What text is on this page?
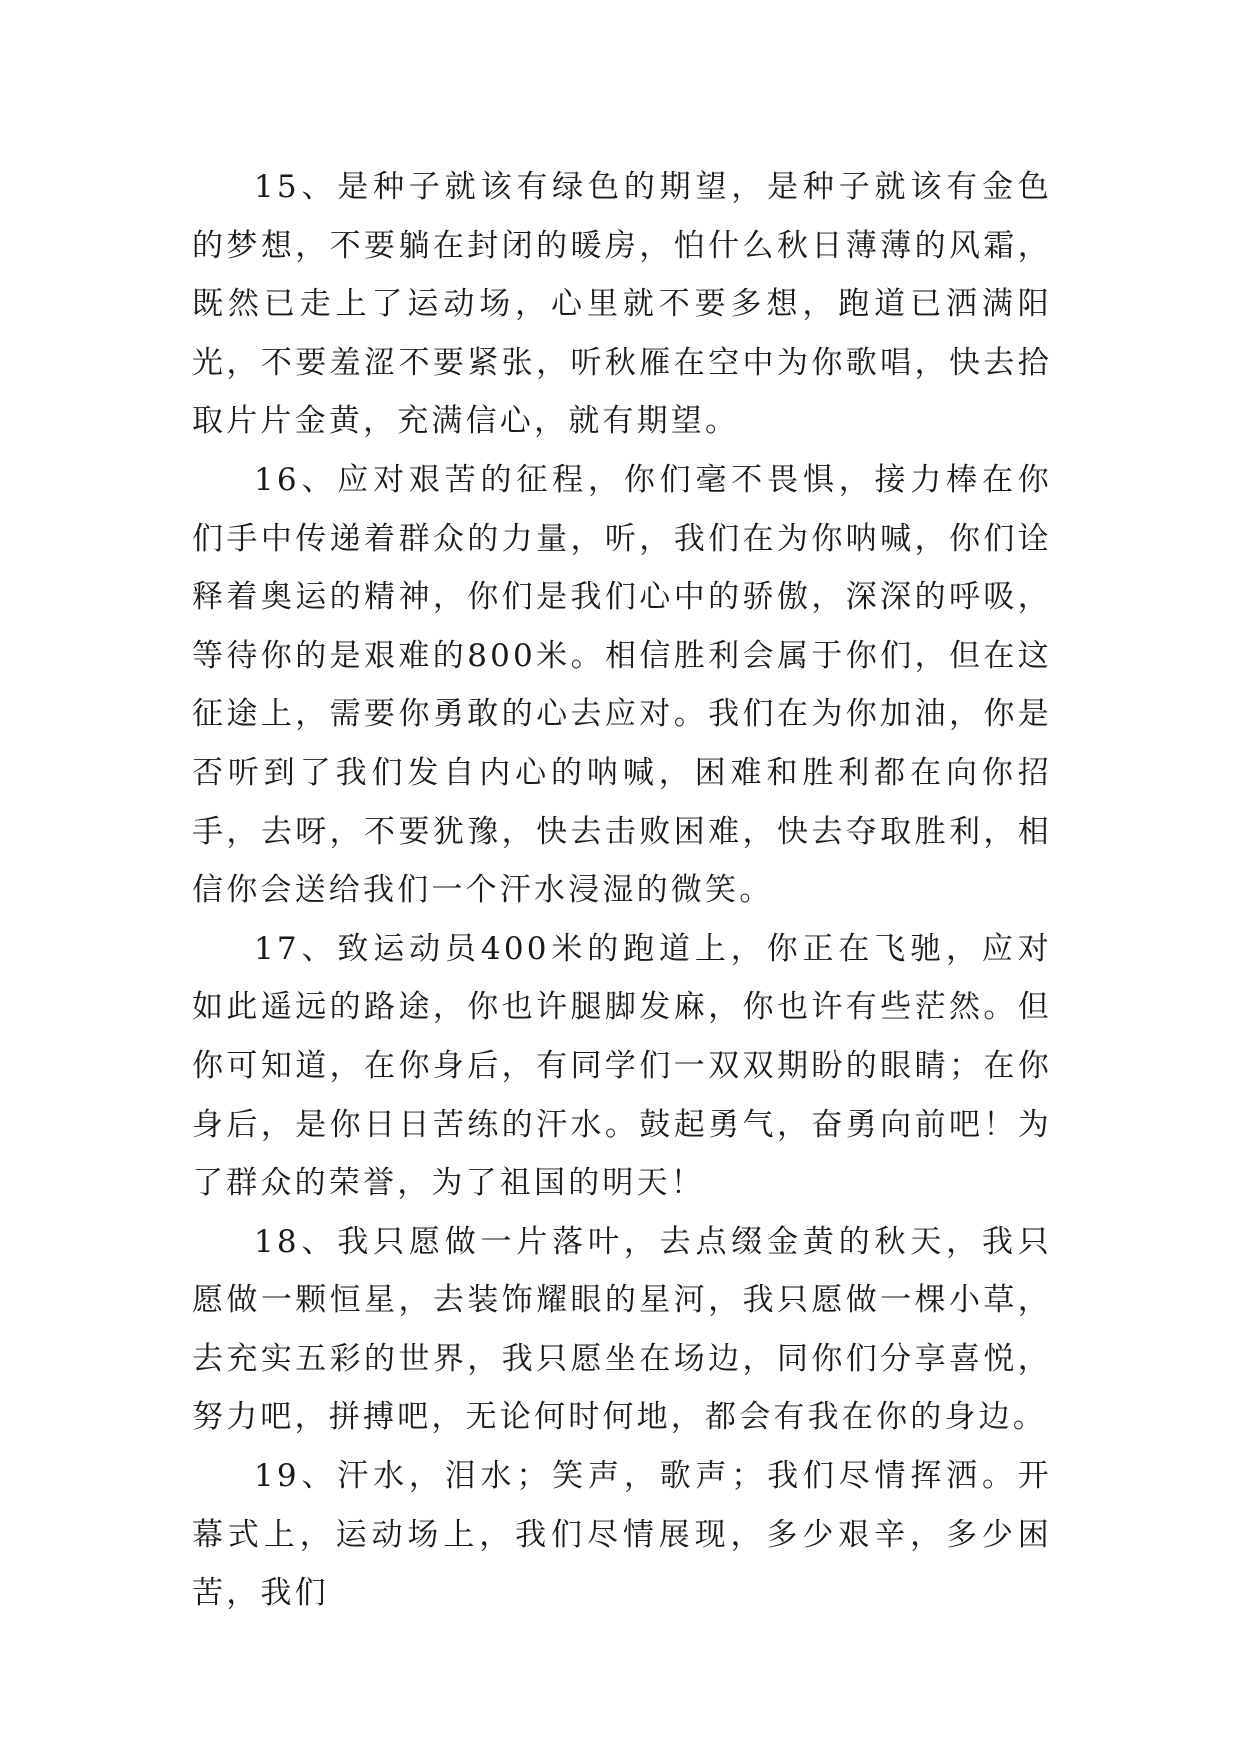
15、是种子就该有绿色的期望，是种子就该有金色的梦想，不要躺在封闭的暖房，怕什么秋日薄薄的风霜，既然已走上了运动场，心里就不要多想，跑道已洒满阳光，不要羞涩不要紧张，听秋雁在空中为你歌唱，快去拾取片片金黄，充满信心，就有期望。

16、应对艰苦的征程，你们毫不畏惧，接力棒在你们手中传递着群众的力量，听，我们在为你呐喊，你们诠释着奥运的精神，你们是我们心中的骄傲，深深的呼吸，等待你的是艰难的800米。相信胜利会属于你们，但在这征途上，需要你勇敢的心去应对。我们在为你加油，你是否听到了我们发自内心的呐喊，困难和胜利都在向你招手，去呀，不要犹豫，快去击败困难，快去夺取胜利，相信你会送给我们一个汗水浸湿的微笑。

17、致运动员400米的跑道上，你正在飞驰，应对如此遥远的路途，你也许腿脚发麻，你也许有些茫然。但你可知道，在你身后，有同学们一双双期盼的眼睛；在你身后，是你日日苦练的汗水。鼓起勇气，奋勇向前吧！为了群众的荣誉，为了祖国的明天！

18、我只愿做一片落叶，去点缀金黄的秋天，我只愿做一颗恒星，去装饰耀眼的星河，我只愿做一棵小草，去充实五彩的世界，我只愿坐在场边，同你们分享喜悦，努力吧，拼搏吧，无论何时何地，都会有我在你的身边。

19、汗水，泪水；笑声，歌声；我们尽情挥洒。开幕式上，运动场上，我们尽情展现，多少艰辛，多少困苦，我们
